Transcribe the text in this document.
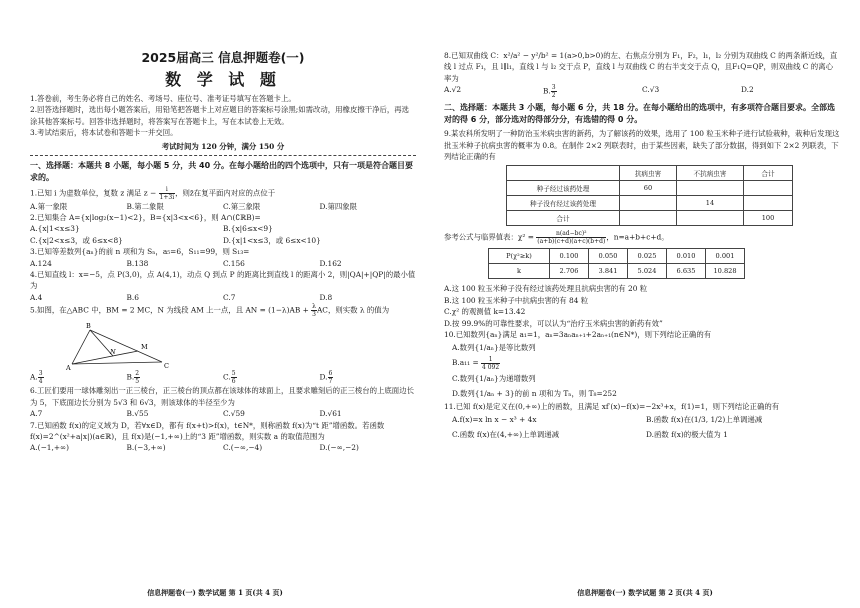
2025届高三 信息押题卷(一)
数 学 试 题

1.答卷前，考生务必将自己的姓名、考场号、座位号、准考证号填写在答题卡上。

2.回答选择题时，选出每小题答案后，用铅笔把答题卡上对应题目的答案标号涂黑;如需改动，用橡皮擦干净后，再选涂其他答案标号。回答非选择题时，将答案写在答题卡上，写在本试卷上无效。

3.考试结束后，将本试卷和答题卡一并交回。

考试时间为 120 分钟，满分 150 分
一、选择题：本题共 8 小题，每小题 5 分，共 40 分。在每小题给出的四个选项中，只有一项是符合题目要求的。

1.已知 i 为虚数单位，复数 z 满足 $z - \frac{i}{1+3i}$ ，则z̄在复平面内对应的点位于

A.第一象限	B.第二象限	C.第三象限	D.第四象限

2.已知集合 A={x|log₂(x−1)<2}，B={x|3<x<6}，则 A∩(∁ℝB)=

A.{x|1<x≤3}	B.{x|6≤x<9}
C.{x|2<x≤3，或 6≤x<8}	D.{x|1<x≤3，或 6≤x<10}

3.已知等差数列{aₙ}的前 n 项和为 Sₙ，a₅=6，S₁₁=99，则 S₁₃=

A.124	B.138	C.156	D.162

4.已知直线 l：x=−5，点 P(3,0)，点 A(4,1)，动点 Q 到点 P 的距离比到直线 l 的距离小 2，则|QA|+|QP|的最小值为

A.4	B.6	C.7	D.8

5.如图，在△ABC 中，BM = 2 MC，N 为线段 AM 上一点，且 AN = $(1-\lambda)AB + \frac{\lambda}{3}$ AC，则实数 λ 的值为

B
N
M
A	C
A. $\frac{3}{4}$	B. $\frac{2}{5}$	C. $\frac{5}{6}$	D. $\frac{6}{7}$

6.工匠们要用一球体雕刻出一正三棱台，正三棱台的顶点都在该球体的球面上，且要求雕刻后的正三棱台的上底面边长为 5，下底面边长分别为 5√3 和 6√3，则该球体的半径至少为

A.7	B.√55	C.√59	D.√61

7.已知函数 f(x)的定义域为 D，若∀x∈D，都有 f(x+t)>f(x)，t∈N*，则称函数 f(x)为“t 距”增函数。若函数 f(x)=2^(x²+a|x|)(a∈ℝ)，且 f(x)是(−1,+∞)上的“3 距”增函数，则实数 a 的取值范围为

A.(−1,+∞)	B.(−3,+∞)	C.(−∞,−4)	D.(−∞,−2)
信息押题卷(一) 数学试题 第 1 页(共 4 页)

8.已知双曲线 C：x²/a² − y²/b² = 1(a>0,b>0)的左、右焦点分别为 F₁，F₂，l₁，l₂ 分别为双曲线 C 的两条渐近线，直线 l 过点 F₁，且 l∥l₁，直线 l 与 l₂ 交于点 P，直线 l 与双曲线 C 的右半支交于点 Q，且F₁Q=QP，则双曲线 C 的离心率为

A.√2	B. $\frac{3}{2}$	C.√3	D.2
二、选择题：本题共 3 小题，每小题 6 分，共 18 分。在每小题给出的选项中，有多项符合题目要求。全部选对的得 6 分，部分选对的得部分分，有选错的得 0 分。

9.某农科所发明了一种防治玉米病虫害的新药，为了解该药的效果，选用了 100 粒玉米种子进行试验栽种，栽种后发现这批玉米种子抗病虫害的概率为 0.8。在制作 2×2 列联表时，由于某些因素，缺失了部分数据，得到如下 2×2 列联表，下列结论正确的有

	抗病虫害	不抗病虫害	合计
种子经过该药处理	60		
种子没有经过该药处理		14	
合计			100

参考公式与临界值表：$\chi^2 = \frac{\text{n(ad−bc)²}}{(a+b)(c+d)(a+c)(b+d)}$ ，n=a+b+c+d。

P(χ²≥k)	0.100	0.050	0.025	0.010	0.001
k	2.706	3.841	5.024	6.635	10.828

A.这 100 粒玉米种子没有经过该药处理且抗病虫害的有 20 粒

B.这 100 粒玉米种子中抗病虫害的有 84 粒

C.χ² 的观测值 k=13.42

D.按 99.9%的可靠性要求，可以认为“治疗玉米病虫害的新药有效”

10.已知数列{aₙ}满足 a₁=1，aₙ=3aₙaₙ₊₁+2aₙ₊₁(n∈N*)，则下列结论正确的有

A.数列{1/aₙ}是等比数列

$B.a_{11} = \frac{1}{4 092}$

C.数列{1/aₙ}为递增数列

D.数列{1/aₙ + 3}的前 n 项和为 Tₙ，则 T₈=252

11.已知 f(x)是定义在(0,+∞)上的函数，且满足 xf′(x)−f(x)=−2x³+x，f(1)=1，则下列结论正确的有

A.f(x)=x ln x − x³ + 4x	B.函数 f(x)在(1/3, 1/2)上单调递减
C.函数 f(x)在(4,+∞)上单调递减	D.函数 f(x)的极大值为 1
信息押题卷(一) 数学试题 第 2 页(共 4 页)
